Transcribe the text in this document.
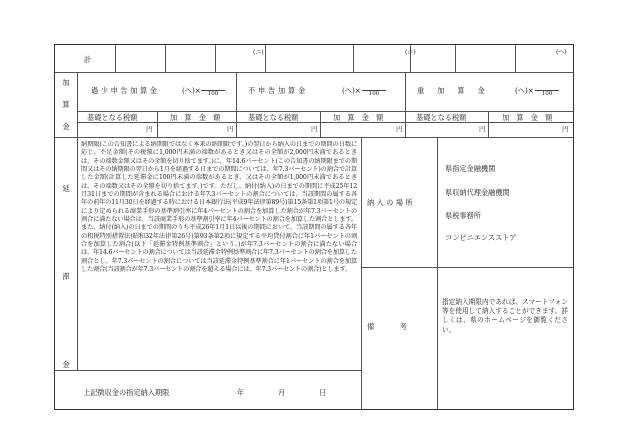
計
(ニ)	(ホ)	(ヘ)
加
算
金
過少申告加算金	(ヘ)×	100	不申告加算金	(ヘ)×	100	重加算金 (ヘ)×	100
基礎となる税額	加　算　金　額	基礎となる税額	加　算　金　額	基礎となる税額	加　算　金　額
円	円	円	円	円	円
延
滞
金
納期限(この告知書による納期限ではなく本来の納期限です。)の翌日から納入の日までの期間の日数に応じ、不足金額(その税額に1,000円未満の端数があるとき又はその全額が2,000円未満であるときは、その端数金額又はその全額を切り捨てます。)に、年14.6パーセント(この告知書の納期限までの期間又はその納期限の翌日から1月を経過する日までの期間については、年7.3パーセント)の割合で計算した金額(計算した延滞金に100円未満の端数があるとき、又はその全額が1,000円未満であるときは、その端数又はその全額を切り捨てます。)です。ただし、納付(納入)の日までの期間に平成25年12月31日までの期間が含まれる場合における年7.3パーセントの割合については、当該期間の属する各年の前年の11月30日を経過する時における日本銀行法(平成9年法律第89号)第15条第1項第1号の規定により定められる商業手形の基準割引率に年4パーセントの割合を加算した割合が年7.3パーセントの割合に満たない場合は、当該商業手形の基準割引率に年4パーセントの割合を加算した割合とします。また、納付(納入)の日までの期間のうち平成26年1月1日以後の期間において、当該期間の属する各年の租税特別措置法(昭和32年法律第26号)第93条第2項に規定する平均貸付割合に年1パーセントの割合を加算した割合(以下「延滞金特例基準割合」という。)が年7.3パーセントの割合に満たない場合は、年14.6パーセントの割合については当該延滞金特例基準割合に年7.3パーセントの割合を加算した割合とし、年7.3パーセントの割合については当該延滞金特例基準割合に年1パーセントの割合を加算した割合(当該割合が年7.3パーセントの割合を超える場合には、年7.3パーセントの割合)とします。
上記徴収金の指定納入期限	年	月	日
納入の場所
県指定金融機関
県収納代理金融機関
県税事務所
コンビニエンスストア
備　　　考
指定納入期限内であれば、スマートフォン等を使用して納入することができます。詳しくは、県のホームページを御覧ください。
